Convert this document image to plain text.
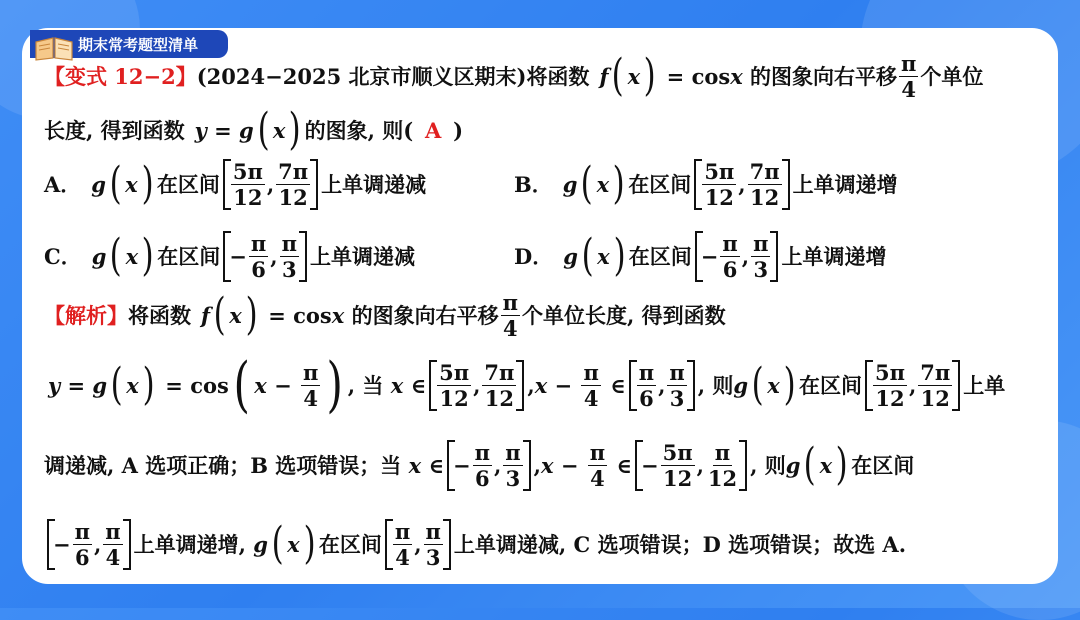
期末常考题型清单
【变式 12−2】 (2024−2025 北京市顺义区期末) 将函数 f ( x ) = cosx 的图象向右平移 $\frac{\pi}{4}$ 个单位
长度, 得到函数 y = g ( x ) 的图象, 则( A )
A． g ( x ) 在区间 $\frac{5\pi}{12}$ , $\frac{7\pi}{12}$ 上单调递减	B． g ( x ) 在区间 $\frac{5\pi}{12}$ , $\frac{7\pi}{12}$ 上单调递增
C． g ( x ) 在区间 − $\frac{\pi}{6}$ , $\frac{\pi}{3}$ 上单调递减	D． g ( x ) 在区间 − $\frac{\pi}{6}$ , $\frac{\pi}{3}$ 上单调递增
【解析】 将函数 f ( x ) = cos x
的图象向右平移 $\frac{\pi}{4}$ 个单位长度, 得到函数
y = g ( x ) = cos ( $x - \frac{\pi}{4}$ ) , 当
x ∈ $\frac{5\pi}{12}$ , $\frac{7\pi}{12}$ , $x - \frac{\pi}{4}$ ∈ $\frac{\pi}{6}$ , $\frac{\pi}{3}$ , 则 g ( x ) 在区间 $\frac{5\pi}{12}$ , $\frac{7\pi}{12}$ 上单
调递减, A 选项正确；B 选项错误；当
x ∈ − $\frac{\pi}{6}$ , $\frac{\pi}{3}$ , $x - \frac{\pi}{4}$ ∈ − $\frac{5\pi}{12}$ , $\frac{\pi}{12}$ , 则 g ( x ) 在区间
− $\frac{\pi}{6}$ , $\frac{\pi}{4}$ 上单调递增,
g ( x ) 在区间 $\frac{\pi}{4}$ , $\frac{\pi}{3}$ 上单调递减, C 选项错误；D 选项错误；故选 A.
